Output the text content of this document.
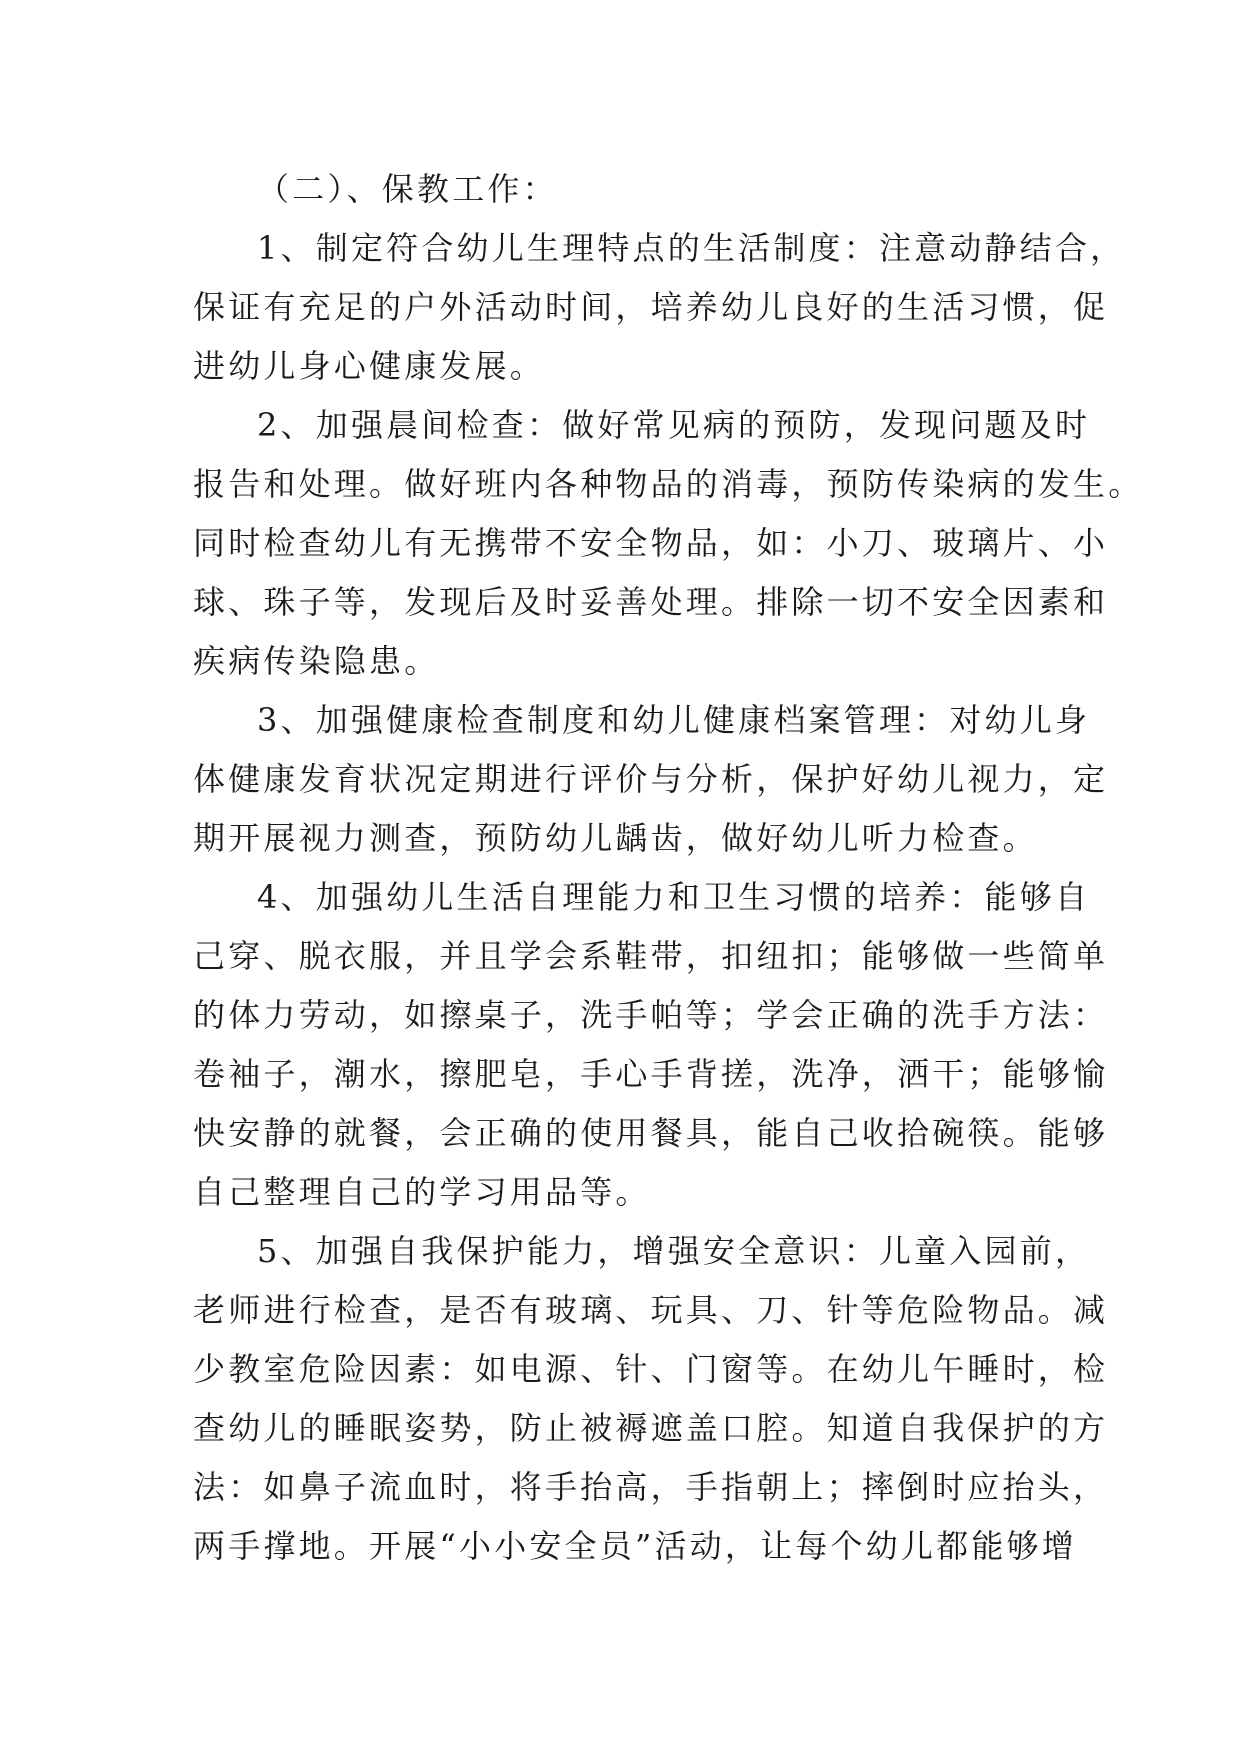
（二）、保教工作：

1、制定符合幼儿生理特点的生活制度：注意动静结合，
保证有充足的户外活动时间，培养幼儿良好的生活习惯，促
进幼儿身心健康发展。

2、加强晨间检查：做好常见病的预防，发现问题及时
报告和处理。做好班内各种物品的消毒，预防传染病的发生。
同时检查幼儿有无携带不安全物品，如：小刀、玻璃片、小
球、珠子等，发现后及时妥善处理。排除一切不安全因素和
疾病传染隐患。

3、加强健康检查制度和幼儿健康档案管理：对幼儿身
体健康发育状况定期进行评价与分析，保护好幼儿视力，定
期开展视力测查，预防幼儿龋齿，做好幼儿听力检查。

4、加强幼儿生活自理能力和卫生习惯的培养：能够自
己穿、脱衣服，并且学会系鞋带，扣纽扣；能够做一些简单
的体力劳动，如擦桌子，洗手帕等；学会正确的洗手方法：
卷袖子，潮水，擦肥皂，手心手背搓，洗净，洒干；能够愉
快安静的就餐，会正确的使用餐具，能自己收拾碗筷。能够
自己整理自己的学习用品等。

5、加强自我保护能力，增强安全意识：儿童入园前，
老师进行检查，是否有玻璃、玩具、刀、针等危险物品。减
少教室危险因素：如电源、针、门窗等。在幼儿午睡时，检
查幼儿的睡眠姿势，防止被褥遮盖口腔。知道自我保护的方
法：如鼻子流血时，将手抬高，手指朝上；摔倒时应抬头，
两手撑地。开展“小小安全员”活动，让每个幼儿都能够增
